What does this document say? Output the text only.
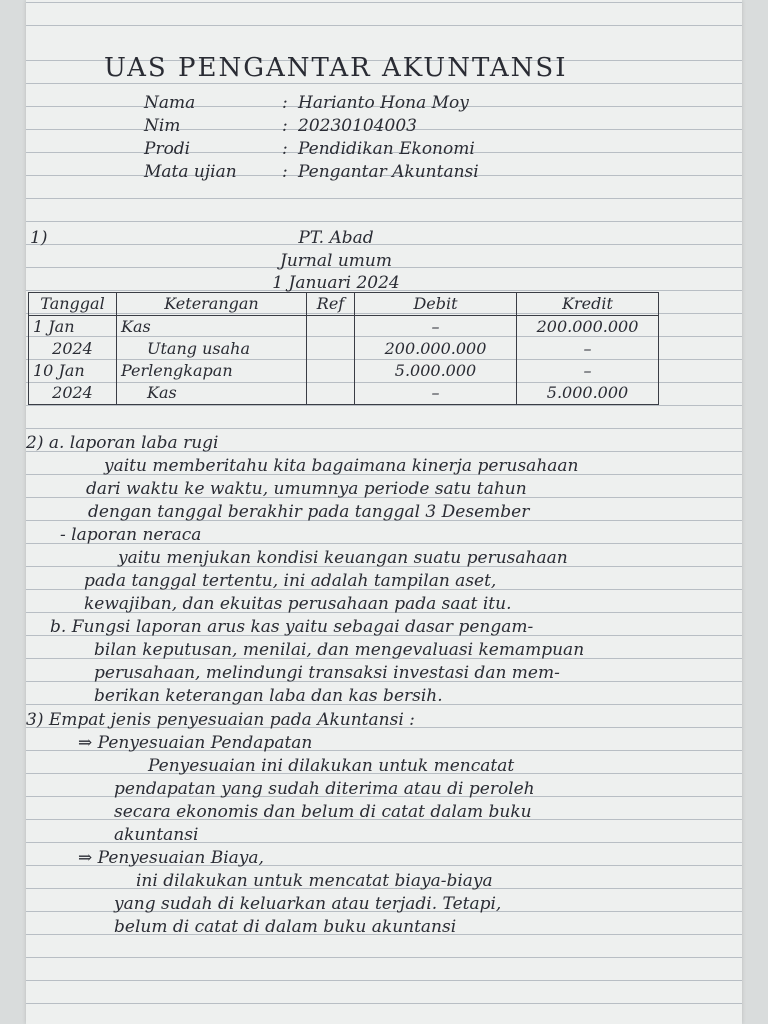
UAS PENGANTAR AKUNTANSI
Nama	: Harianto Hona Moy
Nim	: 20230104003
Prodi	: Pendidikan Ekonomi
Mata ujian	: Pengantar Akuntansi
1)	PT. Abad
Jurnal umum
1 Januari 2024
Tanggal	Keterangan	Ref	Debit	Kredit
1 Jan	Kas		–	200.000.000
2024	Utang usaha		200.000.000	–
10 Jan	Perlengkapan		5.000.000	–
2024	Kas		–	5.000.000
2) a. laporan laba rugi
yaitu memberitahu kita bagaimana kinerja perusahaan
dari waktu ke waktu, umumnya periode satu tahun
dengan tanggal berakhir pada tanggal 3 Desember
- laporan neraca
yaitu menjukan kondisi keuangan suatu perusahaan
pada tanggal tertentu, ini adalah tampilan aset,
kewajiban, dan ekuitas perusahaan pada saat itu.
b. Fungsi laporan arus kas yaitu sebagai dasar pengam-
bilan keputusan, menilai, dan mengevaluasi kemampuan
perusahaan, melindungi transaksi investasi dan mem-
berikan keterangan laba dan kas bersih.
3) Empat jenis penyesuaian pada Akuntansi :
⇒ Penyesuaian Pendapatan
Penyesuaian ini dilakukan untuk mencatat
pendapatan yang sudah diterima atau di peroleh
secara ekonomis dan belum di catat dalam buku
akuntansi
⇒ Penyesuaian Biaya,
ini dilakukan untuk mencatat biaya-biaya
yang sudah di keluarkan atau terjadi. Tetapi,
belum di catat di dalam buku akuntansi
